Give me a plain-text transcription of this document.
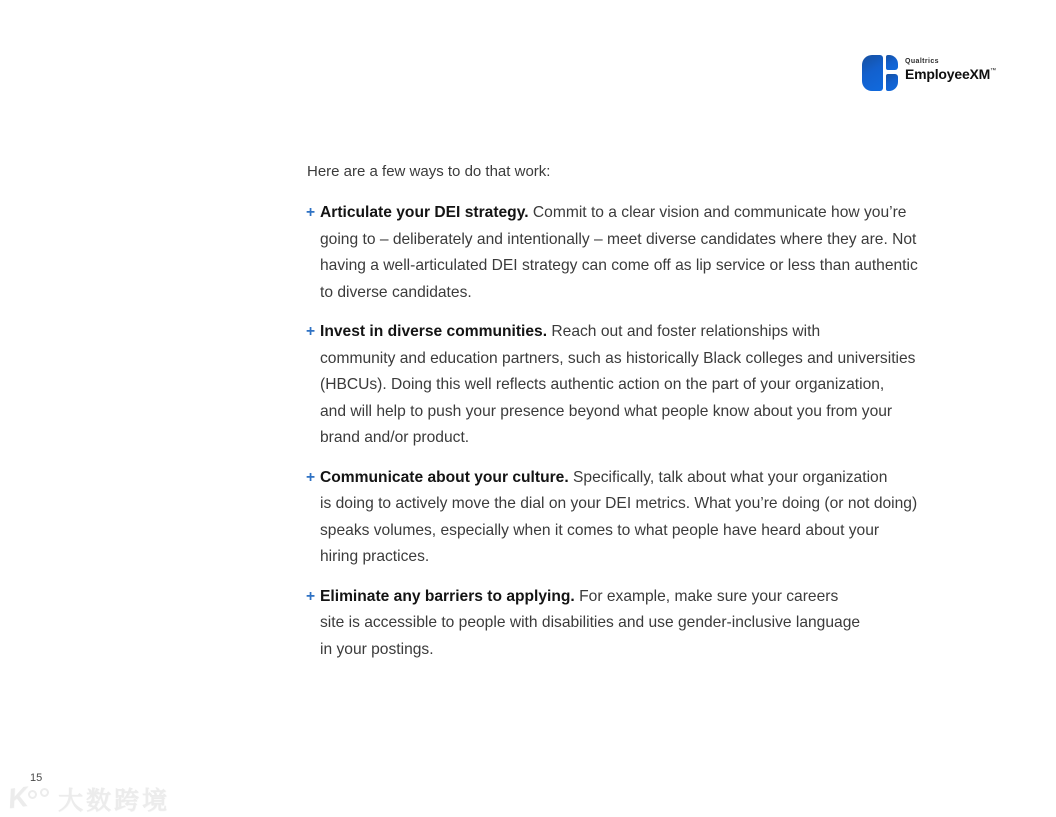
Qualtrics
EmployeeXM™

Here are a few ways to do that work:

+ Articulate your DEI strategy. Commit to a clear vision and communicate how you’re
going to – deliberately and intentionally – meet diverse candidates where they are. Not
having a well-articulated DEI strategy can come off as lip service or less than authentic
to diverse candidates.
+ Invest in diverse communities. Reach out and foster relationships with
community and education partners, such as historically Black colleges and universities
(HBCUs). Doing this well reflects authentic action on the part of your organization,
and will help to push your presence beyond what people know about you from your
brand and/or product.
+ Communicate about your culture. Specifically, talk about what your organization
is doing to actively move the dial on your DEI metrics. What you’re doing (or not doing)
speaks volumes, especially when it comes to what people have heard about your
hiring practices.
+ Eliminate any barriers to applying. For example, make sure your careers
site is accessible to people with disabilities and use gender-inclusive language
in your postings.
15
K 大数跨境
